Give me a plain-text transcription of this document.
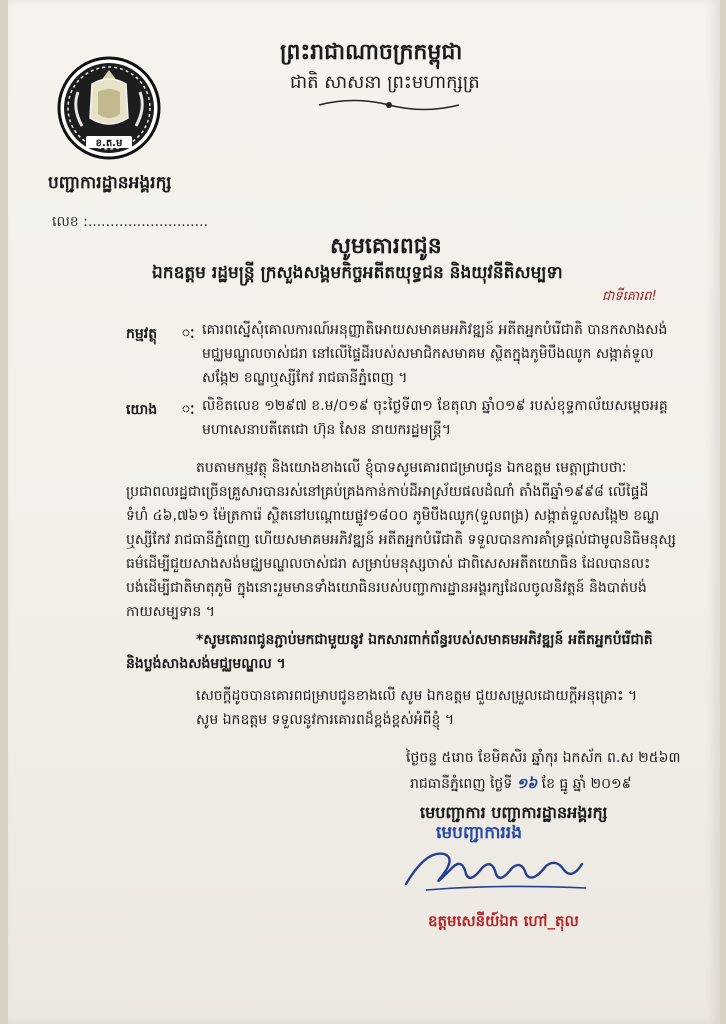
ខ.ត.ម
ព្រះរាជាណាចក្រកម្ពុជា
ជាតិ សាសនា ព្រះមហាក្សត្រ
បញ្ជាការដ្ឋានអង្គរក្ស
លេខ :...........................
សូមគោរពជូន
ឯកឧត្តម រដ្ឋមន្ត្រី ក្រសួងសង្គមកិច្ចអតីតយុទ្ធជន និងយុវនីតិសម្បទា
ជាទីគោរព!
កម្មវត្ថុ ៈ គោរពស្នើសុំគោលការណ៍អនុញ្ញាតិអោយសមាគមអភិវឌ្ឍន៍ អតីតអ្នកបំរើជាតិ បានកសាងសង់
មជ្ឈមណ្ឌលចាស់ជរា នៅលើផ្ទៃដីរបស់សមាជិកសមាគម ស្ថិតក្នុងភូមិបឹងឈូក សង្កាត់ទួល
សង្កែ២ ខណ្ឌឬស្សីកែវ រាជធានីភ្នំពេញ ។
យោង ៈ លិខិតលេខ ១២៩៧ ខ.ម/០១៩ ចុះថ្ងៃទី៣១ ខែតុលា ឆ្នាំ០១៩ របស់ខុទ្ទកាល័យសម្តេចអគ្គ
មហាសេនាបតីតេជោ ហ៊ុន សែន នាយករដ្ឋមន្ត្រី។
តបតាមកម្មវត្ថុ និងយោងខាងលើ ខ្ញុំបាទសូមគោរពជម្រាបជូន ឯកឧត្តម មេត្តាជ្រាបថាៈ
ប្រជាពលរដ្ឋជាច្រើនគ្រួសារបានរស់នៅគ្រប់គ្រងកាន់កាប់ដីអាស្រ័យផលដំណាំ តាំងពីឆ្នាំ១៩៩៨ លើផ្ទៃដី
ទំហំ ៤៦,៧៦១ ម៉ែត្រការ៉េ ស្ថិតនៅបណ្តោយផ្លូវ១៨០០ ភូមិបឹងឈូក(ទួលពង្រ) សង្កាត់ទួលសង្កែ២ ខណ្ឌ
ឬស្សីកែវ រាជធានីភ្នំពេញ ហើយសមាគមអភិវឌ្ឍន៍ អតីតអ្នកបំរើជាតិ ទទួលបានការគាំទ្រផ្តល់ជាមូលនិធិមនុស្ស
ធម៌ដើម្បីជួយសាងសង់មជ្ឈមណ្ឌលចាស់ជរា សម្រាប់មនុស្សចាស់ ជាពិសេសអតីតយោធិន ដែលបានលះ
បង់ដើម្បីជាតិមាតុភូមិ ក្នុងនោះរួមមានទាំងយោធិនរបស់បញ្ជាការដ្ឋានអង្គរក្សដែលចូលនិវត្តន៍ និងបាត់បង់
កាយសម្បទាន ។
*សូមគោរពជូនភ្ជាប់មកជាមួយនូវ ឯកសារពាក់ព័ន្ធរបស់សមាគមអភិវឌ្ឍន៍ អតីតអ្នកបំរើជាតិ
និងប្លង់សាងសង់មជ្ឈមណ្ឌល ។
សេចក្តីដូចបានគោរពជម្រាបជូនខាងលើ សូម ឯកឧត្តម ជួយសម្រួលដោយក្តីអនុគ្រោះ ។
សូម ឯកឧត្តម ទទួលនូវការគោរពដ៏ខ្ពង់ខ្ពស់អំពីខ្ញុំ ។
ថ្ងៃចន្ទ ៥រោច ខែមិគសិរ ឆ្នាំកុរ ឯកស័ក ព.ស ២៥៦៣
រាជធានីភ្នំពេញ ថ្ងៃទី ១៦ ខែ ធ្នូ ឆ្នាំ ២០១៩
មេបញ្ជាការ បញ្ជាការដ្ឋានអង្គរក្ស
មេបញ្ជាការរង
ឧត្តមសេនីយ៍ឯក ហៅ_តុល
